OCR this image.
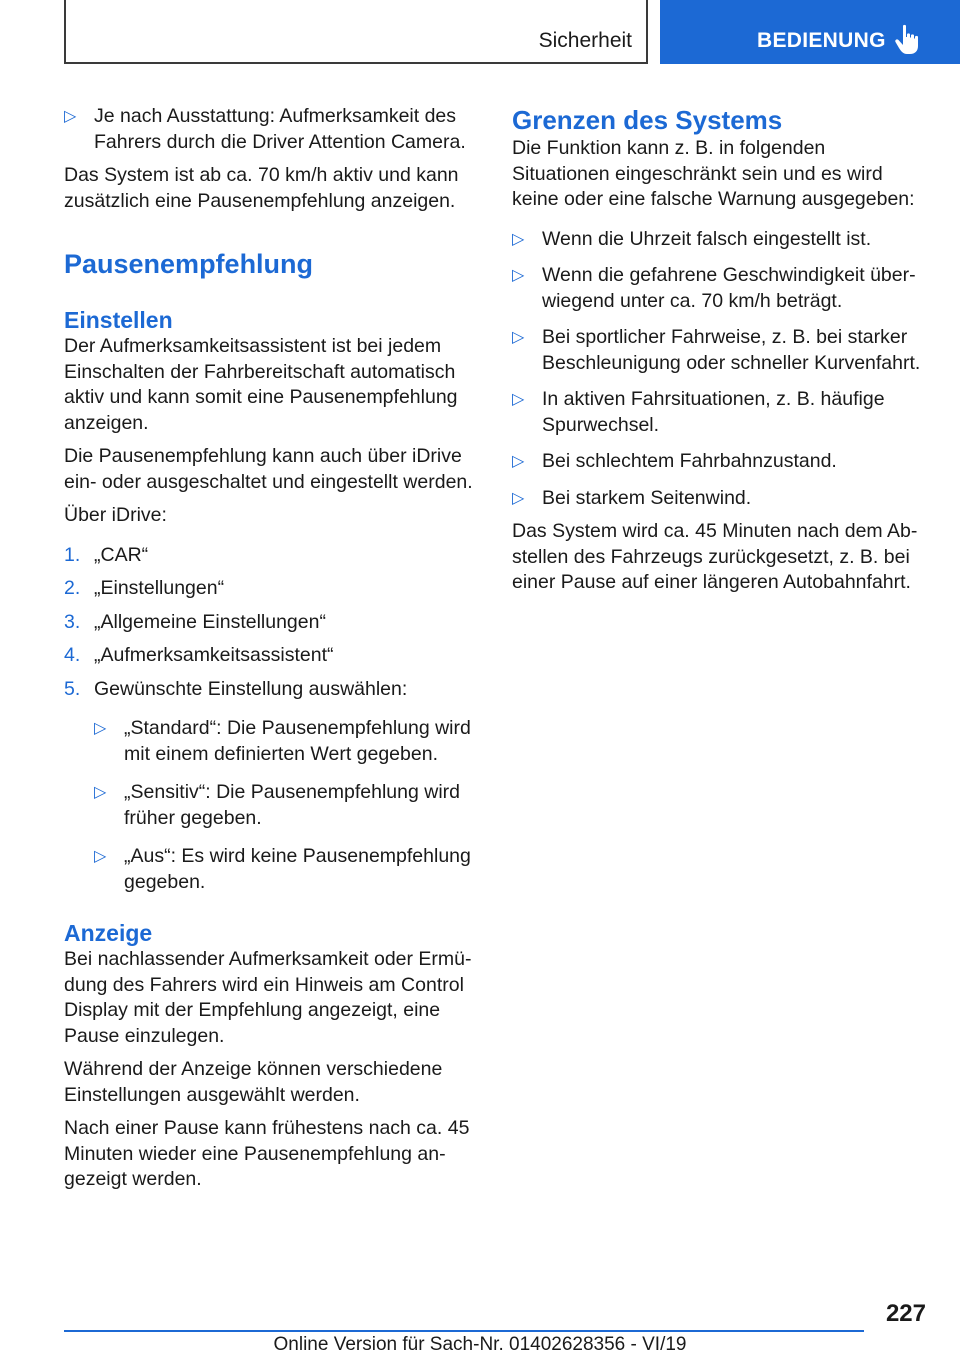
Sicherheit	BEDIENUNG
▷ Je nach Ausstattung: Aufmerksamkeit des Fahrers durch die Driver Attention Camera.

Das System ist ab ca. 70 km/h aktiv und kann zusätzlich eine Pausenempfehlung anzeigen.

Pausenempfehlung
Einstellen

Der Aufmerksamkeitsassistent ist bei jedem Einschalten der Fahrbereitschaft automatisch aktiv und kann somit eine Pausenempfehlung anzeigen.

Die Pausenempfehlung kann auch über iDrive ein- oder ausgeschaltet und eingestellt werden.

Über iDrive:

1. „CAR“
2. „Einstellungen“
3. „Allgemeine Einstellungen“
4. „Aufmerksamkeitsassistent“
5. Gewünschte Einstellung auswählen:
▷ „Standard“: Die Pausenempfehlung wird mit einem definierten Wert gegeben.
▷ „Sensitiv“: Die Pausenempfehlung wird früher gegeben.
▷ „Aus“: Es wird keine Pausenempfehlung gegeben.
Anzeige

Bei nachlassender Aufmerksamkeit oder Ermüdung des Fahrers wird ein Hinweis am Control Display mit der Empfehlung angezeigt, eine Pause einzulegen.

Während der Anzeige können verschiedene Einstellungen ausgewählt werden.

Nach einer Pause kann frühestens nach ca. 45 Minuten wieder eine Pausenempfehlung angezeigt werden.

Grenzen des Systems

Die Funktion kann z. B. in folgenden Situationen eingeschränkt sein und es wird keine oder eine falsche Warnung ausgegeben:

▷ Wenn die Uhrzeit falsch eingestellt ist.
▷ Wenn die gefahrene Geschwindigkeit überwiegend unter ca. 70 km/h beträgt.
▷ Bei sportlicher Fahrweise, z. B. bei starker Beschleunigung oder schneller Kurvenfahrt.
▷ In aktiven Fahrsituationen, z. B. häufige Spurwechsel.
▷ Bei schlechtem Fahrbahnzustand.
▷ Bei starkem Seitenwind.

Das System wird ca. 45 Minuten nach dem Abstellen des Fahrzeugs zurückgesetzt, z. B. bei einer Pause auf einer längeren Autobahnfahrt.

227
Online Version für Sach-Nr. 01402628356 - VI/19
